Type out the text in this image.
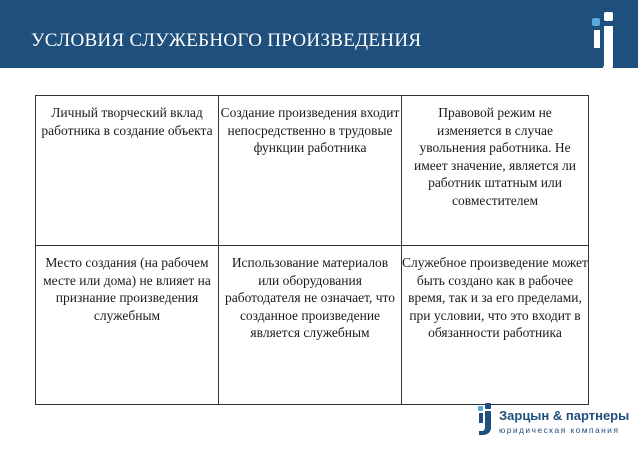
УСЛОВИЯ СЛУЖЕБНОГО ПРОИЗВЕДЕНИЯ
Личный творческий вклад работника в создание объекта
Создание произведения входит непосредственно в трудовые функции работника
Правовой режим не изменяется в случае увольнения работника. Не имеет значение, является ли работник штатным или совместителем
Место создания (на рабочем месте или дома) не влияет на признание произведения служебным
Использование материалов или оборудования работодателя не означает, что созданное произведение является служебным
Служебное произведение может быть создано как в рабочее время, так и за его пределами, при условии, что это входит в обязанности работника
Зарцын & партнеры
юридическая компания
